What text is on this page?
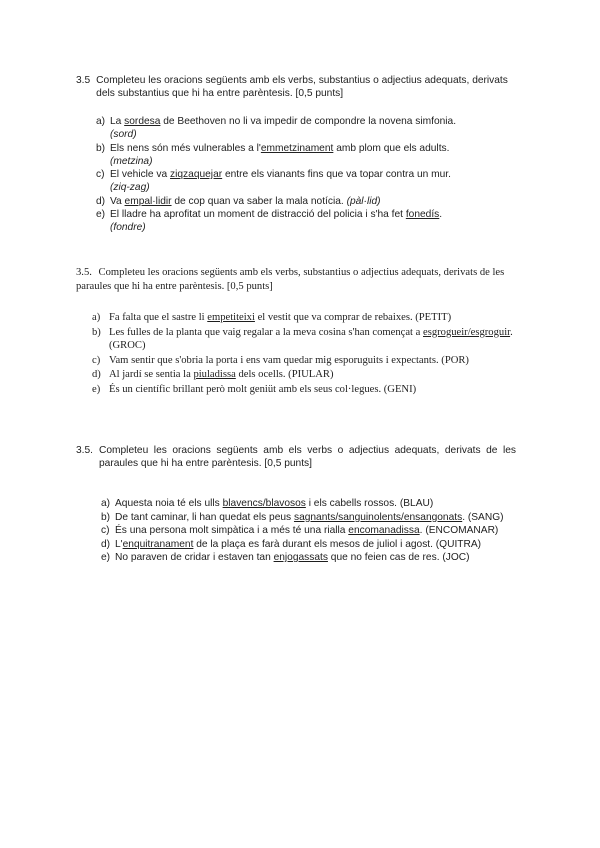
3.5 Completeu les oracions següents amb els verbs, substantius o adjectius adequats, derivats dels substantius que hi ha entre parèntesis. [0,5 punts]
a) La sordesa de Beethoven no li va impedir de compondre la novena simfonia.
(sord)
b) Els nens són més vulnerables a l'emmetzinament amb plom que els adults.
(metzina)
c) El vehicle va ziqzaquejar entre els vianants fins que va topar contra un mur.
(ziq-zag)
d) Va empal·lidir de cop quan va saber la mala notícia. (pàl·lid)
e) El lladre ha aprofitat un moment de distracció del policia i s'ha fet fonedís.
(fondre)
3.5. Completeu les oracions següents amb els verbs, substantius o adjectius adequats, derivats de les paraules que hi ha entre parèntesis. [0,5 punts]
a) Fa falta que el sastre li empetiteixi el vestit que va comprar de rebaixes. (PETIT)
b) Les fulles de la planta que vaig regalar a la meva cosina s'han començat a esgrogueir/esgroguir. (GROC)
c) Vam sentir que s'obria la porta i ens vam quedar mig esporuguits i expectants. (POR)
d) Al jardí se sentia la piuladissa dels ocells. (PIULAR)
e) És un científic brillant però molt geniüt amb els seus col·legues. (GENI)
3.5. Completeu les oracions següents amb els verbs o adjectius adequats, derivats de les paraules que hi ha entre parèntesis. [0,5 punts]
a) Aquesta noia té els ulls blavencs/blavosos i els cabells rossos. (BLAU)
b) De tant caminar, li han quedat els peus sagnants/sanguinolents/ensangonats. (SANG)
c) És una persona molt simpàtica i a més té una rialla encomanadissa. (ENCOMANAR)
d) L'enquitranament de la plaça es farà durant els mesos de juliol i agost. (QUITRA)
e) No paraven de cridar i estaven tan enjogassats que no feien cas de res. (JOC)
